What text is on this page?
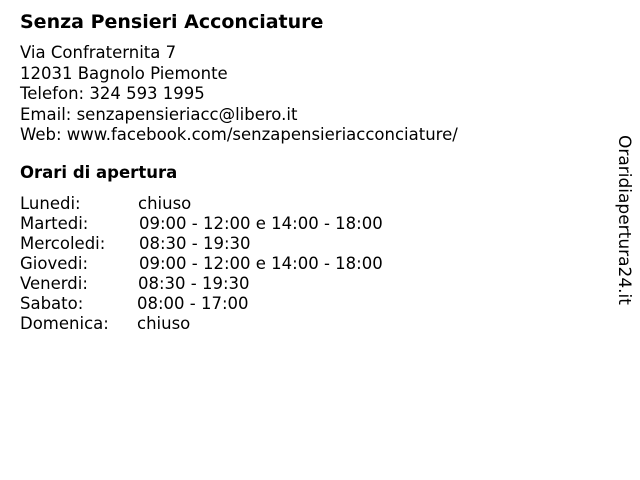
Senza Pensieri Acconciature
Via Confraternita 7
12031 Bagnolo Piemonte
Telefon: 324 593 1995
Email: senzapensieriacc@libero.it
Web: www.facebook.com/senzapensieriacconciature/
Orari di apertura
Lunedi:	chiuso
Martedi:	09:00 - 12:00 e 14:00 - 18:00
Mercoledi: 08:30 - 19:30
Giovedi:	09:00 - 12:00 e 14:00 - 18:00
Venerdi:	08:30 - 19:30
Sabato:	08:00 - 17:00
Domenica: chiuso
Oraridiapertura24.it
